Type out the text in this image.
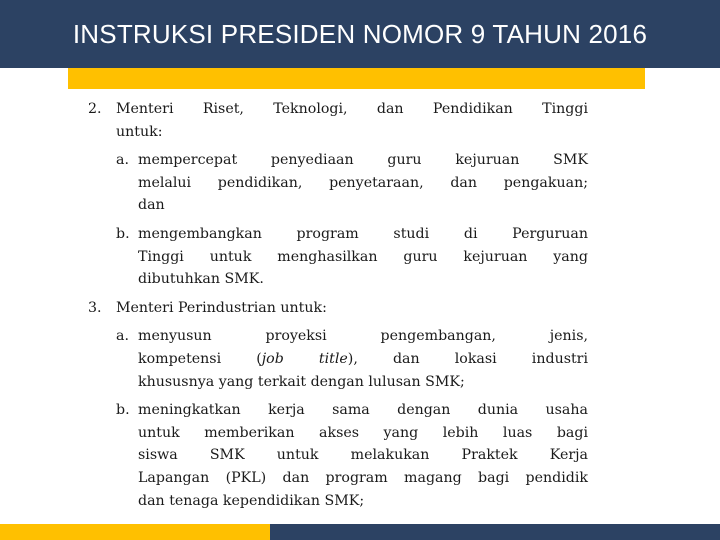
INSTRUKSI PRESIDEN NOMOR 9 TAHUN 2016
2. Menteri Riset, Teknologi, dan Pendidikan Tinggi
untuk:
a. mempercepat penyediaan guru kejuruan SMK
melalui pendidikan, penyetaraan, dan pengakuan;
dan
b. mengembangkan program studi di Perguruan
Tinggi untuk menghasilkan guru kejuruan yang
dibutuhkan SMK.
3. Menteri Perindustrian untuk:
a. menyusun proyeksi pengembangan, jenis,
kompetensi (job title), dan lokasi industri
khususnya yang terkait dengan lulusan SMK;
b. meningkatkan kerja sama dengan dunia usaha
untuk memberikan akses yang lebih luas bagi
siswa SMK untuk melakukan Praktek Kerja
Lapangan (PKL) dan program magang bagi pendidik
dan tenaga kependidikan SMK;
